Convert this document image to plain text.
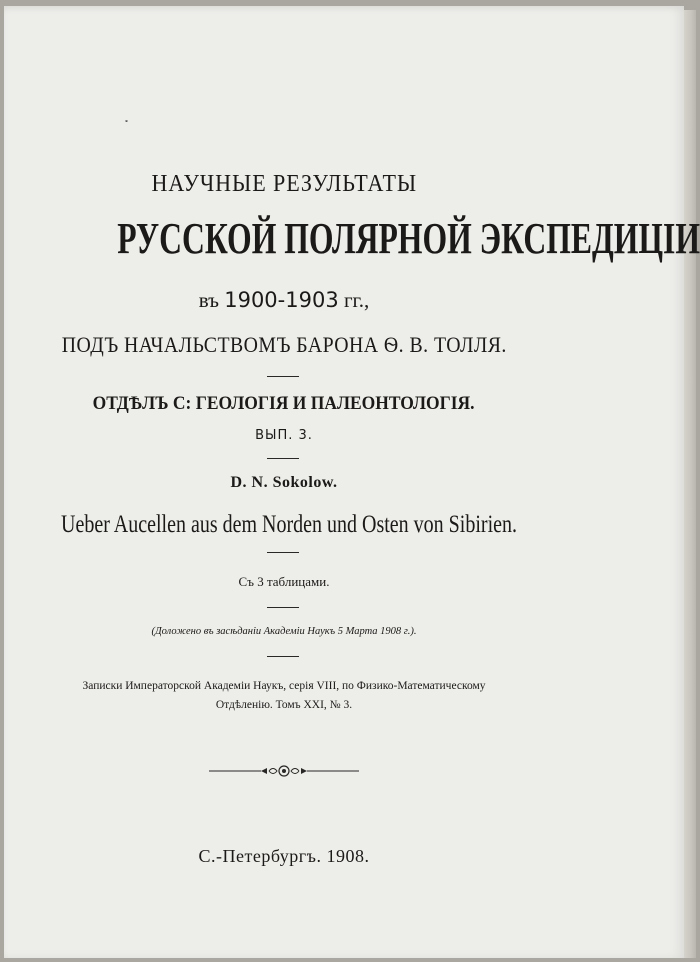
˟
НАУЧНЫЕ РЕЗУЛЬТАТЫ
РУССКОЙ ПОЛЯРНОЙ ЭКСПЕДИЦІИ
въ 1900-1903 гг.,
ПОДЪ НАЧАЛЬСТВОМЪ БАРОНА Ѳ. В. ТОЛЛЯ.
ОТДѢЛЪ С: ГЕОЛОГІЯ И ПАЛЕОНТОЛОГІЯ.
ВЫП. 3.
D. N. Sokolow.
Ueber Aucellen aus dem Norden und Osten von Sibirien.
Съ 3 таблицами.
(Доложено въ засѣданіи Академіи Наукъ 5 Марта 1908 г.).
Записки Императорской Академіи Наукъ, серія VIII, по Физико-Математическому
Отдѣленію. Томъ XXI, № 3.
С.-Петербургъ. 1908.
